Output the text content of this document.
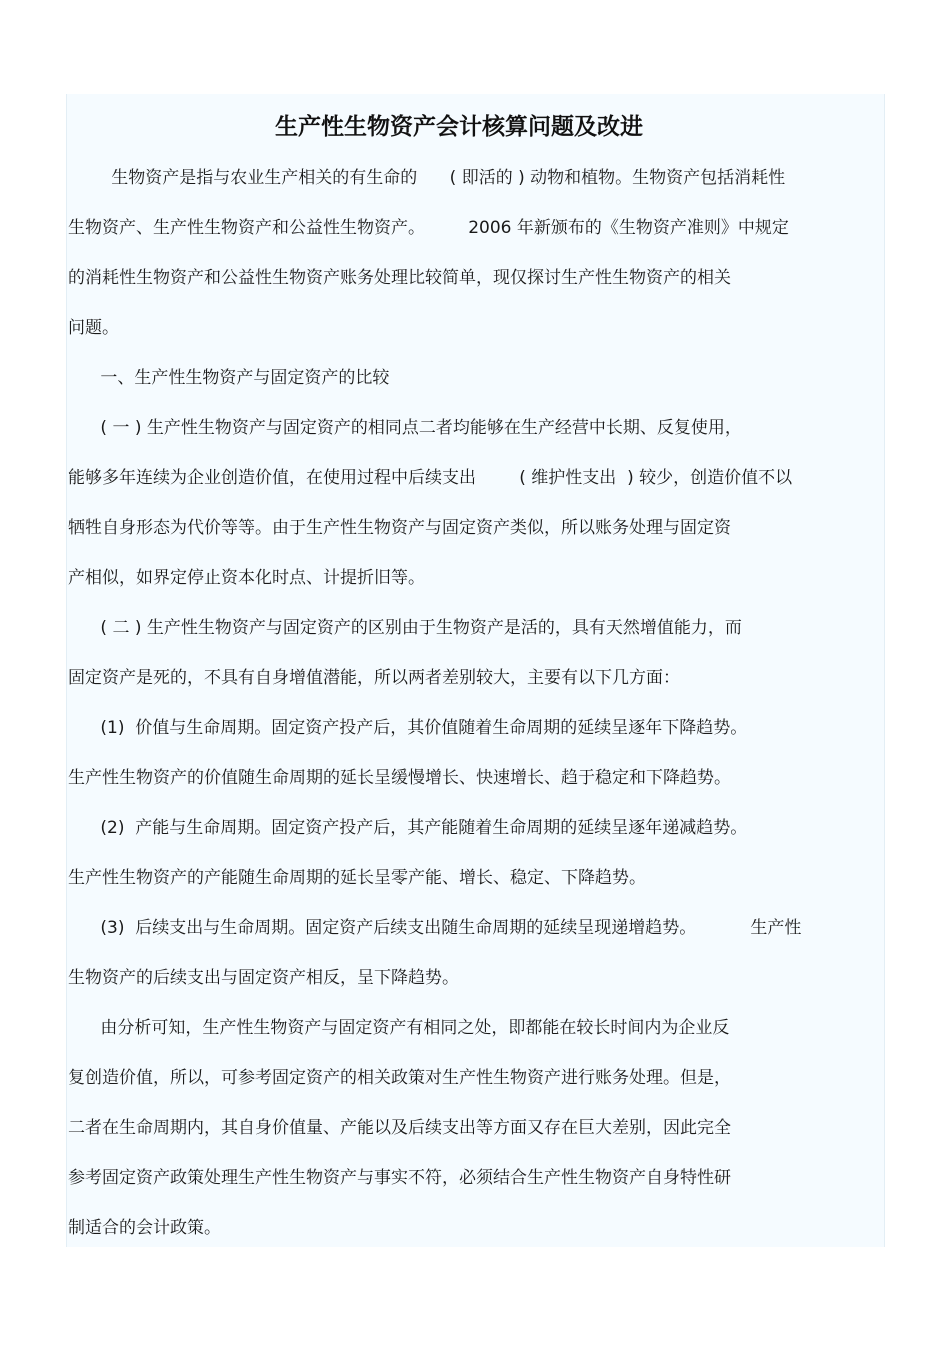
生产性生物资产会计核算问题及改进
生物资产是指与农业生产相关的有生命的      ( 即活的 ) 动物和植物。生物资产包括消耗性
生物资产、生产性生物资产和公益性生物资产。        2006 年新颁布的《生物资产准则》中规定
的消耗性生物资产和公益性生物资产账务处理比较简单，现仅探讨生产性生物资产的相关
问题。
一、生产性生物资产与固定资产的比较
( 一 ) 生产性生物资产与固定资产的相同点二者均能够在生产经营中长期、反复使用，
能够多年连续为企业创造价值，在使用过程中后续支出        ( 维护性支出  ) 较少，创造价值不以
牺牲自身形态为代价等等。由于生产性生物资产与固定资产类似，所以账务处理与固定资
产相似，如界定停止资本化时点、计提折旧等。
( 二 ) 生产性生物资产与固定资产的区别由于生物资产是活的，具有天然增值能力，而
固定资产是死的，不具有自身增值潜能，所以两者差别较大，主要有以下几方面：
(1)  价值与生命周期。固定资产投产后，其价值随着生命周期的延续呈逐年下降趋势。
生产性生物资产的价值随生命周期的延长呈缓慢增长、快速增长、趋于稳定和下降趋势。
(2)  产能与生命周期。固定资产投产后，其产能随着生命周期的延续呈逐年递减趋势。
生产性生物资产的产能随生命周期的延长呈零产能、增长、稳定、下降趋势。
(3)  后续支出与生命周期。固定资产后续支出随生命周期的延续呈现递增趋势。          生产性
生物资产的后续支出与固定资产相反，呈下降趋势。
由分析可知，生产性生物资产与固定资产有相同之处，即都能在较长时间内为企业反
复创造价值，所以，可参考固定资产的相关政策对生产性生物资产进行账务处理。但是，
二者在生命周期内，其自身价值量、产能以及后续支出等方面又存在巨大差别，因此完全
参考固定资产政策处理生产性生物资产与事实不符，必须结合生产性生物资产自身特性研
制适合的会计政策。
